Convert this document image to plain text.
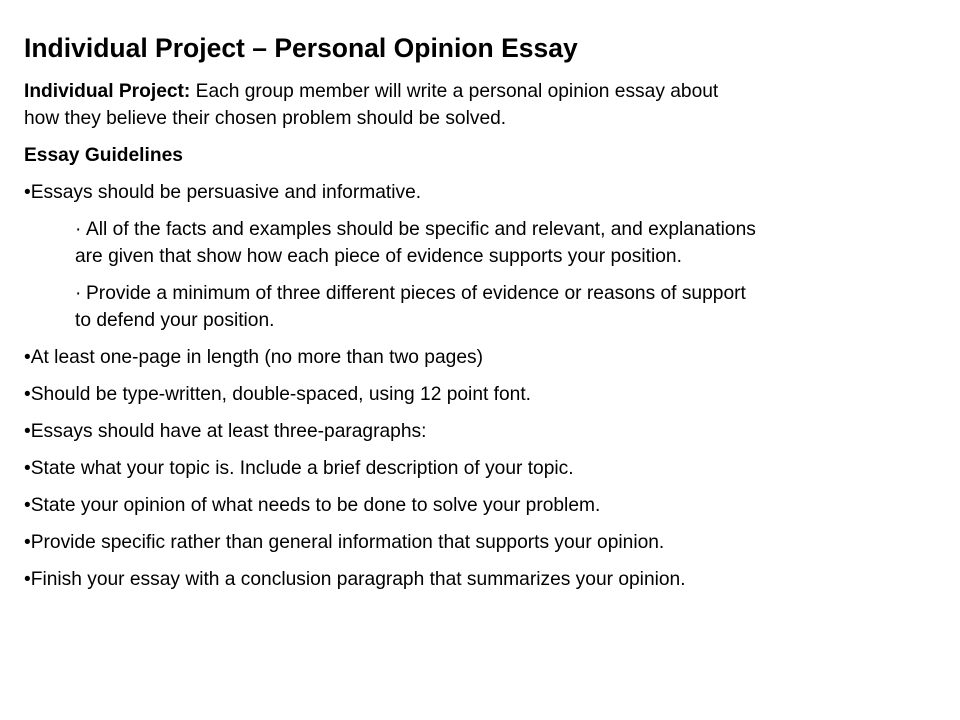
Individual Project – Personal Opinion Essay
Individual Project: Each group member will write a personal opinion essay about
how they believe their chosen problem should be solved.
Essay Guidelines
•Essays should be persuasive and informative.
· All of the facts and examples should be specific and relevant, and explanations
are given that show how each piece of evidence supports your position.
· Provide a minimum of three different pieces of evidence or reasons of support
to defend your position.
•At least one-page in length (no more than two pages)
•Should be type-written, double-spaced, using 12 point font.
•Essays should have at least three-paragraphs:
•State what your topic is. Include a brief description of your topic.
•State your opinion of what needs to be done to solve your problem.
•Provide specific rather than general information that supports your opinion.
•Finish your essay with a conclusion paragraph that summarizes your opinion.
